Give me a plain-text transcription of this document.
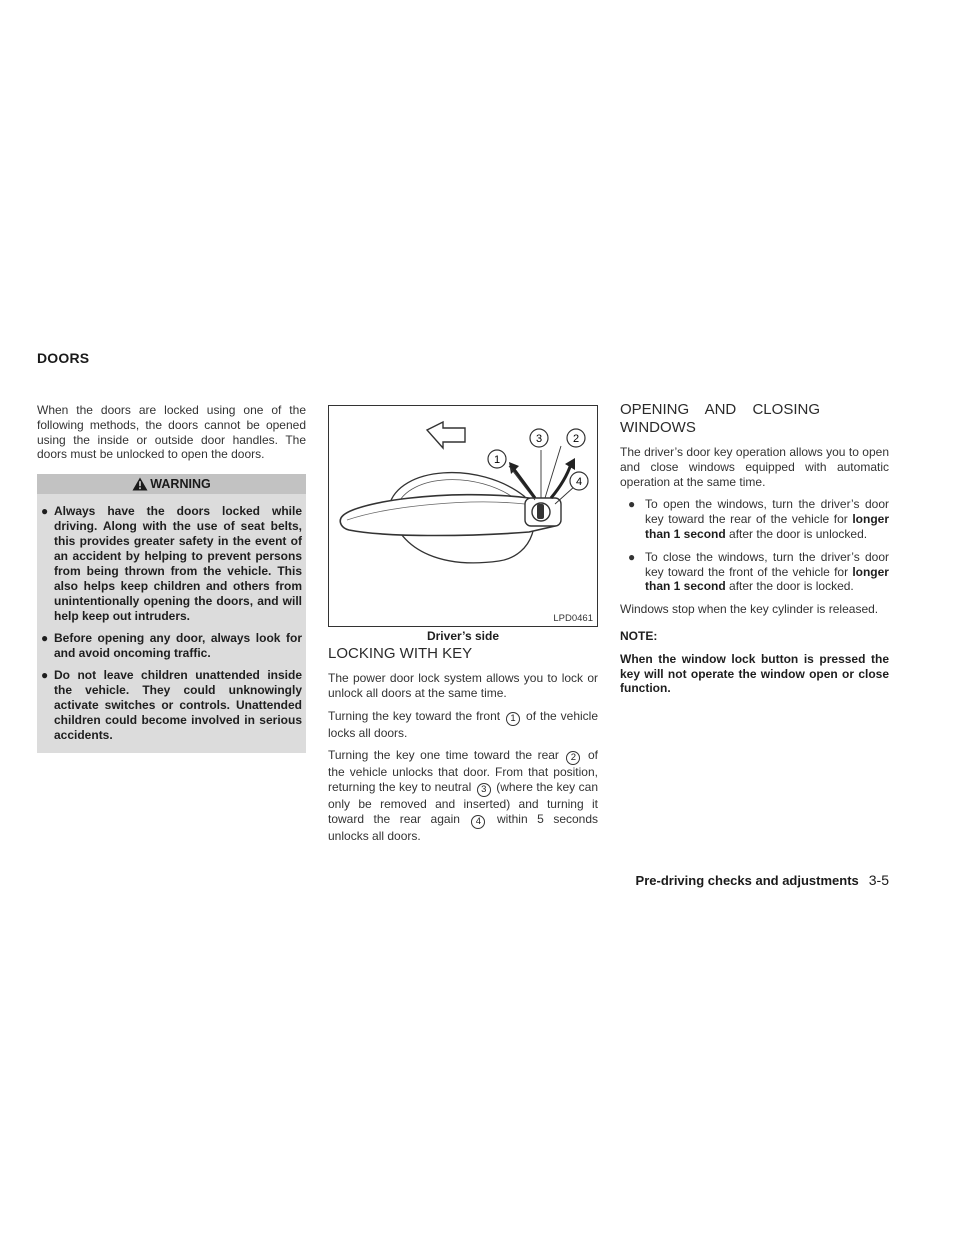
DOORS

When the doors are locked using one of the following methods, the doors cannot be opened using the inside or outside door handles. The doors must be unlocked to open the doors.

WARNING
● Always have the doors locked while driving. Along with the use of seat belts, this provides greater safety in the event of an accident by helping to prevent persons from being thrown from the vehicle. This also helps keep children and others from unintentionally opening the doors, and will help keep out intruders.
● Before opening any door, always look for and avoid oncoming traffic.
● Do not leave children unattended inside the vehicle. They could unknowingly activate switches or controls. Unattended children could become involved in serious accidents.
1
3	2
4
LPD0461
Driver’s side
LOCKING WITH KEY

The power door lock system allows you to lock or unlock all doors at the same time.

Turning the key toward the front 1 of the vehicle locks all doors.

Turning the key one time toward the rear 2 of the vehicle unlocks that door. From that position, returning the key to neutral 3 (where the key can only be removed and inserted) and turning it toward the rear again 4 within 5 seconds unlocks all doors.

OPENING AND CLOSING WINDOWS

The driver’s door key operation allows you to open and close windows equipped with automatic operation at the same time.

● To open the windows, turn the driver’s door key toward the rear of the vehicle for longer than 1 second after the door is unlocked.
● To close the windows, turn the driver’s door key toward the front of the vehicle for longer than 1 second after the door is locked.

Windows stop when the key cylinder is released.

NOTE:

When the window lock button is pressed the key will not operate the window open or close function.

Pre-driving checks and adjustments 3-5
